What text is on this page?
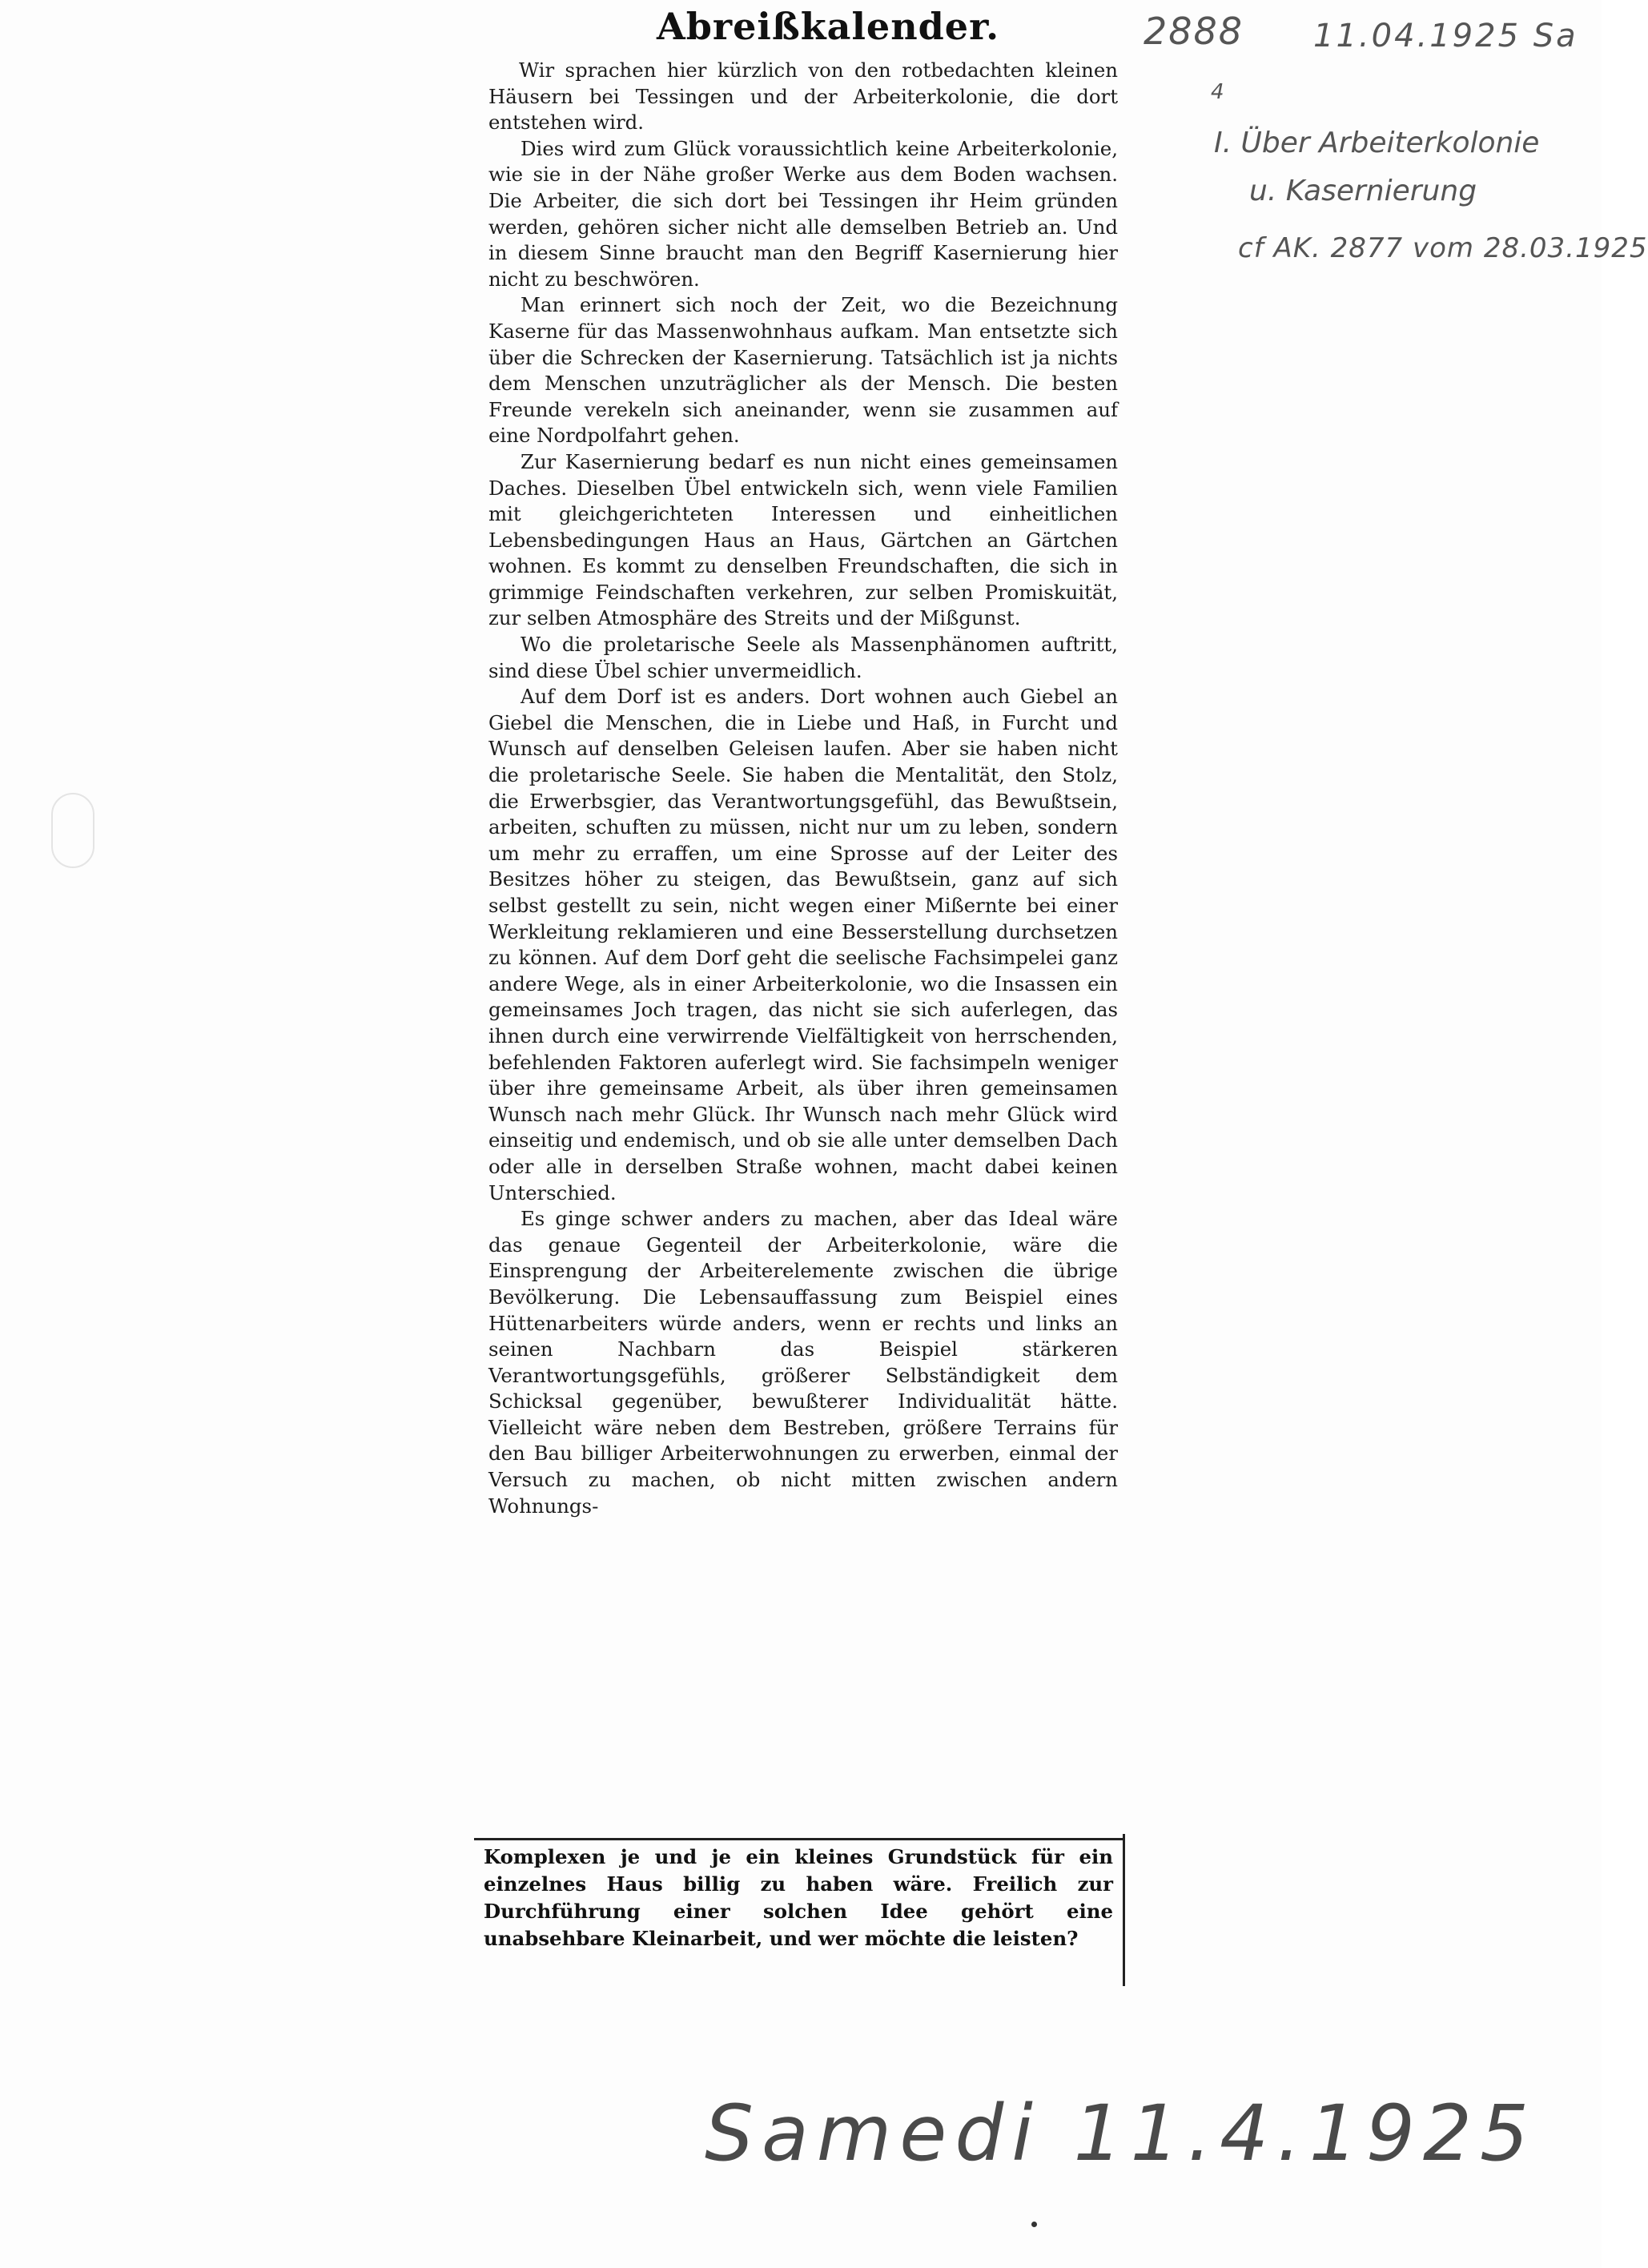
Abreißkalender.

Wir sprachen hier kürzlich von den rotbedachten kleinen Häusern bei Tessingen und der Arbeiterkolonie, die dort entstehen wird.

Dies wird zum Glück voraussichtlich keine Arbeiterkolonie, wie sie in der Nähe großer Werke aus dem Boden wachsen. Die Arbeiter, die sich dort bei Tessingen ihr Heim gründen werden, gehören sicher nicht alle demselben Betrieb an. Und in diesem Sinne braucht man den Begriff Kasernierung hier nicht zu beschwören.

Man erinnert sich noch der Zeit, wo die Bezeichnung Kaserne für das Massenwohnhaus aufkam. Man entsetzte sich über die Schrecken der Kasernierung. Tatsächlich ist ja nichts dem Menschen unzuträglicher als der Mensch. Die besten Freunde verekeln sich aneinander, wenn sie zusammen auf eine Nordpolfahrt gehen.

Zur Kasernierung bedarf es nun nicht eines gemeinsamen Daches. Dieselben Übel entwickeln sich, wenn viele Familien mit gleichgerichteten Interessen und einheitlichen Lebensbedingungen Haus an Haus, Gärtchen an Gärtchen wohnen. Es kommt zu denselben Freundschaften, die sich in grimmige Feindschaften verkehren, zur selben Promiskuität, zur selben Atmosphäre des Streits und der Mißgunst.

Wo die proletarische Seele als Massenphänomen auftritt, sind diese Übel schier unvermeidlich.

Auf dem Dorf ist es anders. Dort wohnen auch Giebel an Giebel die Menschen, die in Liebe und Haß, in Furcht und Wunsch auf denselben Geleisen laufen. Aber sie haben nicht die proletarische Seele. Sie haben die Mentalität, den Stolz, die Erwerbsgier, das Verantwortungsgefühl, das Bewußtsein, arbeiten, schuften zu müssen, nicht nur um zu leben, sondern um mehr zu erraffen, um eine Sprosse auf der Leiter des Besitzes höher zu steigen, das Bewußtsein, ganz auf sich selbst gestellt zu sein, nicht wegen einer Mißernte bei einer Werkleitung reklamieren und eine Besserstellung durchsetzen zu können. Auf dem Dorf geht die seelische Fachsimpelei ganz andere Wege, als in einer Arbeiterkolonie, wo die Insassen ein gemeinsames Joch tragen, das nicht sie sich auferlegen, das ihnen durch eine verwirrende Vielfältigkeit von herrschenden, befehlenden Faktoren auferlegt wird. Sie fachsimpeln weniger über ihre gemeinsame Arbeit, als über ihren gemeinsamen Wunsch nach mehr Glück. Ihr Wunsch nach mehr Glück wird einseitig und endemisch, und ob sie alle unter demselben Dach oder alle in derselben Straße wohnen, macht dabei keinen Unterschied.

Es ginge schwer anders zu machen, aber das Ideal wäre das genaue Gegenteil der Arbeiterkolonie, wäre die Einsprengung der Arbeiterelemente zwischen die übrige Bevölkerung. Die Lebensauffassung zum Beispiel eines Hüttenarbeiters würde anders, wenn er rechts und links an seinen Nachbarn das Beispiel stärkeren Verantwortungsgefühls, größerer Selbständigkeit dem Schicksal gegenüber, bewußterer Individualität hätte. Vielleicht wäre neben dem Bestreben, größere Terrains für den Bau billiger Arbeiterwohnungen zu erwerben, einmal der Versuch zu machen, ob nicht mitten zwischen andern Wohnungs-

Komplexen je und je ein kleines Grundstück für ein einzelnes Haus billig zu haben wäre. Freilich zur Durchführung einer solchen Idee gehört eine unabsehbare Kleinarbeit, und wer möchte die leisten?

2888 11.04.1925 Sa
4
I. Über Arbeiterkolonie
u. Kasernierung
cf AK. 2877 vom 28.03.1925
Samedi 11.4.1925
